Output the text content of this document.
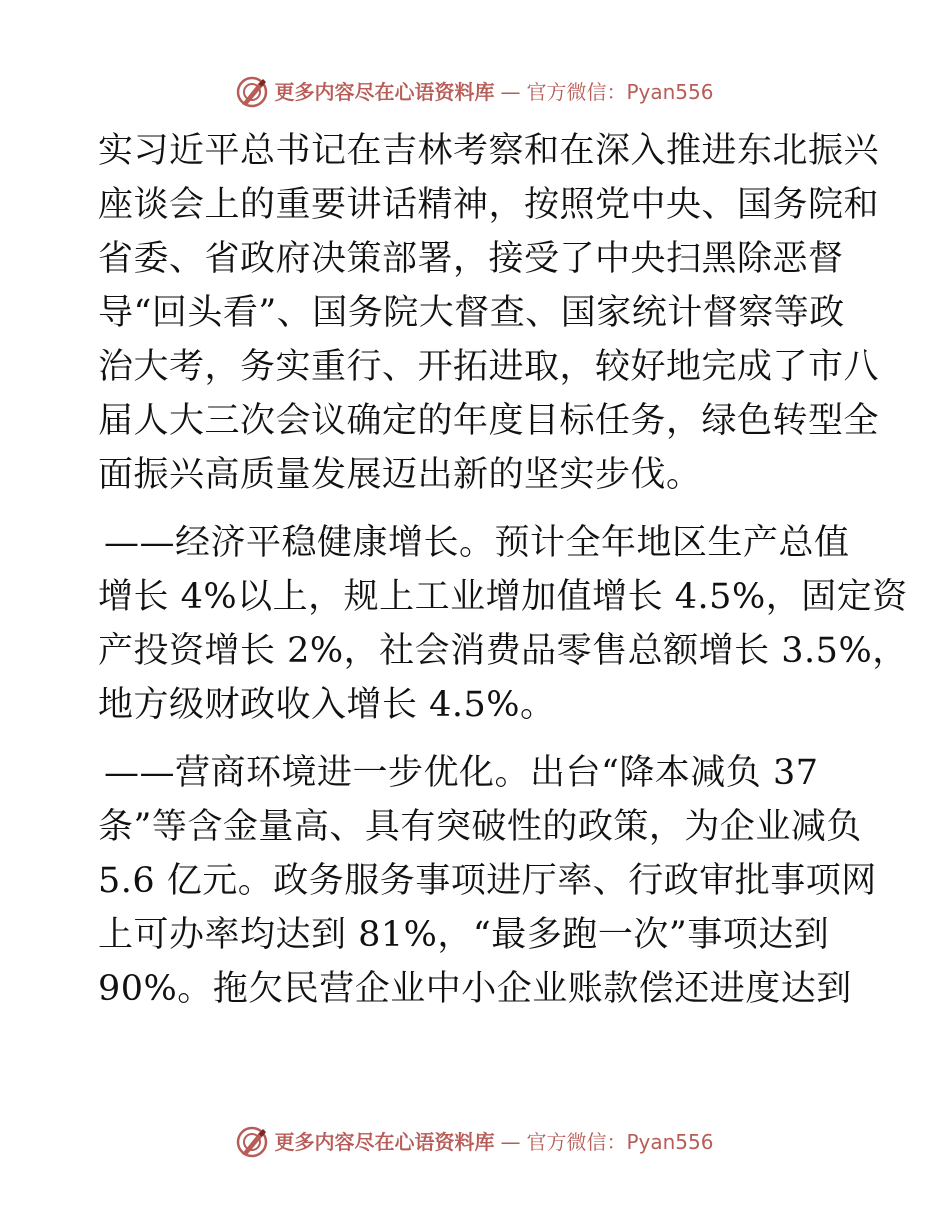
更多内容尽在心语资料库 — 官方微信：Pyan556

实习近平总书记在吉林考察和在深入推进东北振兴
座谈会上的重要讲话精神，按照党中央、国务院和
省委、省政府决策部署，接受了中央扫黑除恶督
导“回头看”、国务院大督查、国家统计督察等政
治大考，务实重行、开拓进取，较好地完成了市八
届人大三次会议确定的年度目标任务，绿色转型全
面振兴高质量发展迈出新的坚实步伐。

——经济平稳健康增长。预计全年地区生产总值
增长 4%以上，规上工业增加值增长 4.5%，固定资
产投资增长 2%，社会消费品零售总额增长 3.5%，
地方级财政收入增长 4.5%。

——营商环境进一步优化。出台“降本减负 37
条”等含金量高、具有突破性的政策，为企业减负
5.6 亿元。政务服务事项进厅率、行政审批事项网
上可办率均达到 81%，“最多跑一次”事项达到
90%。拖欠民营企业中小企业账款偿还进度达到

更多内容尽在心语资料库 — 官方微信：Pyan556
